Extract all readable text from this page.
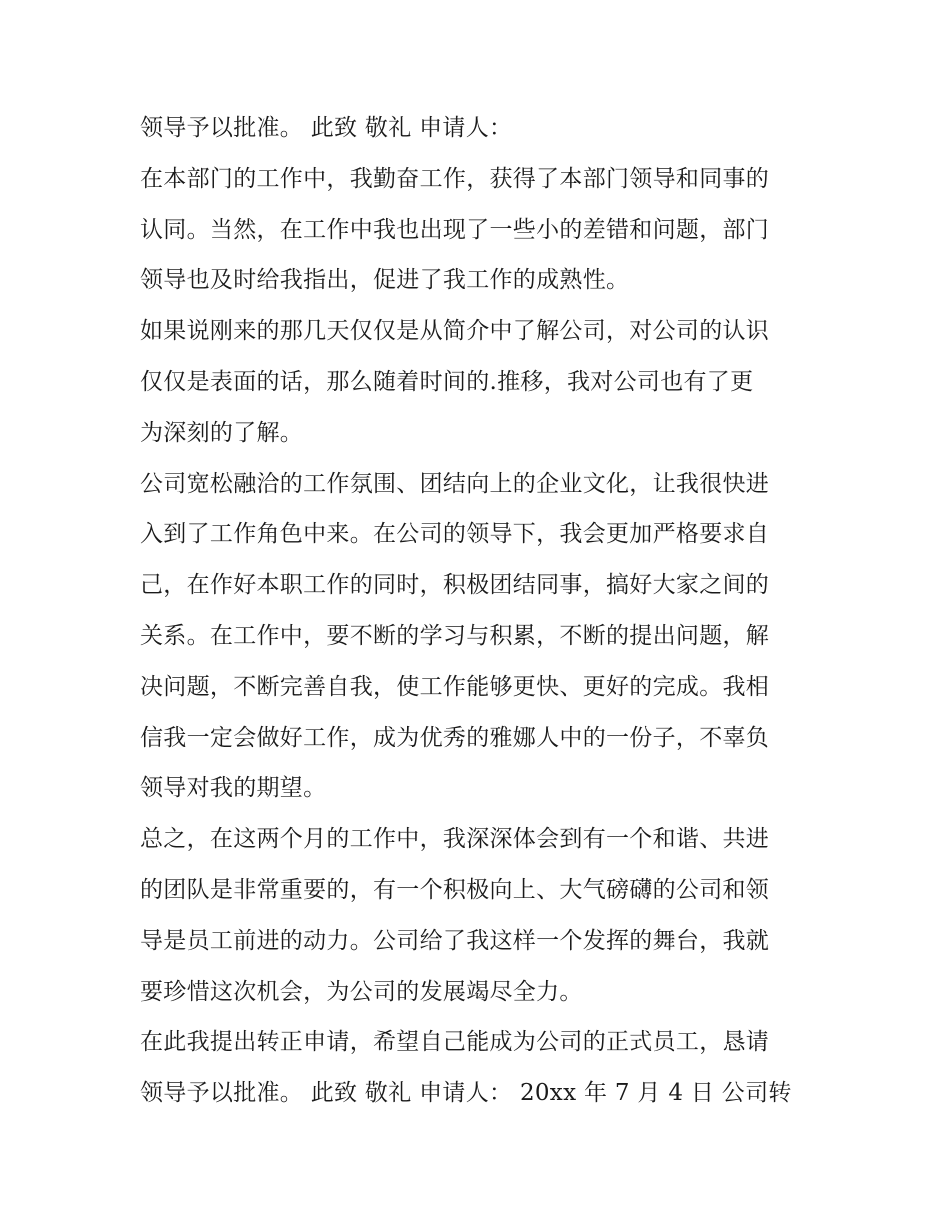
领导予以批准。 此致 敬礼 申请人：
在本部门的工作中，我勤奋工作，获得了本部门领导和同事的
认同。当然，在工作中我也出现了一些小的差错和问题，部门
领导也及时给我指出，促进了我工作的成熟性。
如果说刚来的那几天仅仅是从简介中了解公司，对公司的认识
仅仅是表面的话，那么随着时间的.推移，我对公司也有了更
为深刻的了解。
公司宽松融洽的工作氛围、团结向上的企业文化，让我很快进
入到了工作角色中来。在公司的领导下，我会更加严格要求自
己，在作好本职工作的同时，积极团结同事，搞好大家之间的
关系。在工作中，要不断的学习与积累，不断的提出问题，解
决问题，不断完善自我，使工作能够更快、更好的完成。我相
信我一定会做好工作，成为优秀的雅娜人中的一份子，不辜负
领导对我的期望。
总之，在这两个月的工作中，我深深体会到有一个和谐、共进
的团队是非常重要的，有一个积极向上、大气磅礴的公司和领
导是员工前进的动力。公司给了我这样一个发挥的舞台，我就
要珍惜这次机会，为公司的发展竭尽全力。
在此我提出转正申请，希望自己能成为公司的正式员工，恳请
领导予以批准。 此致 敬礼 申请人： 20xx 年 7 月 4 日 公司转
